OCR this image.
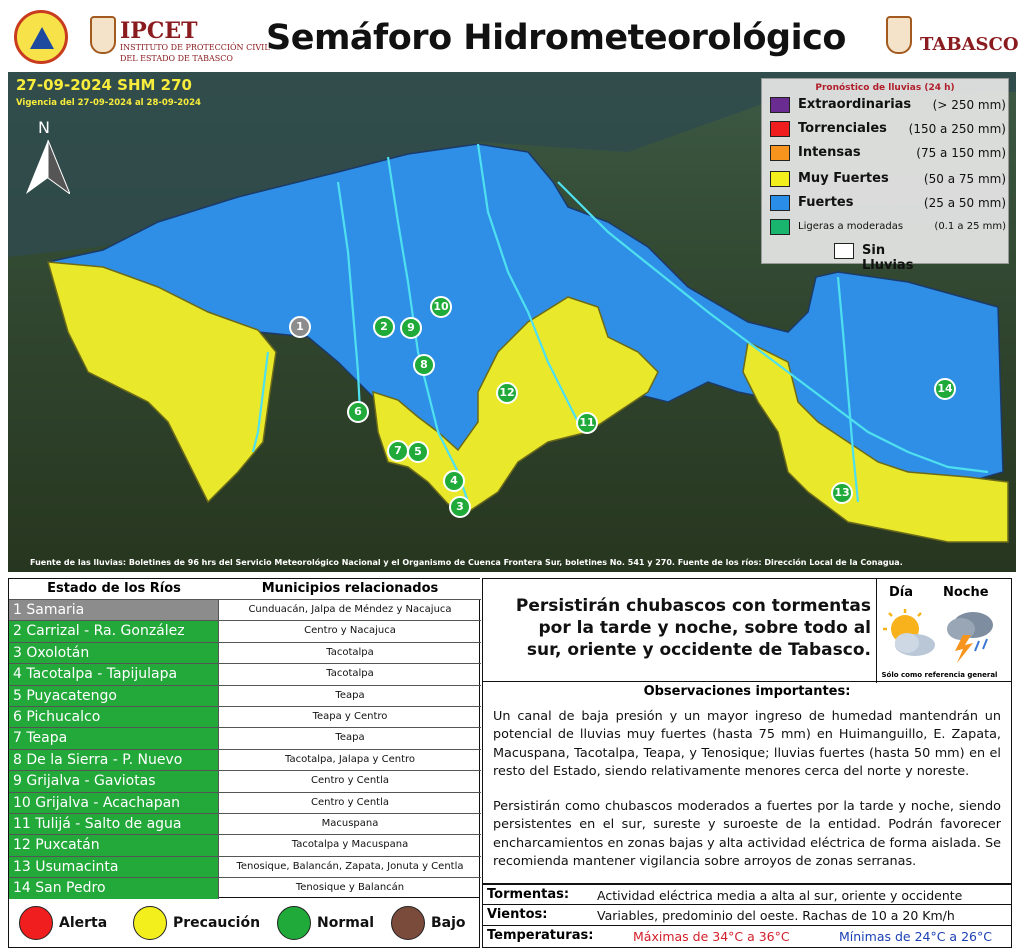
IPCET
INSTITUTO DE PROTECCIÓN CIVIL
DEL ESTADO DE TABASCO
Semáforo Hidrometeorológico	TABASCO
27-09-2024 SHM 270
Vigencia del 27-09-2024 al 28-09-2024
N
Pronóstico de lluvias (24 h)
Extraordinarias (> 250 mm)
Torrenciales (150 a 250 mm)
Intensas	(75 a 150 mm)
Muy Fuertes	(50 a 75 mm)
Fuertes	(25 a 50 mm)
Ligeras a moderadas	(0.1 a 25 mm)
Sin Lluvias
1	2
3
4
5
6
7
8
9
10
11
12
13
14
Fuente de las lluvias: Boletines de 96 hrs del Servicio Meteorológico Nacional y el Organismo de Cuenca Frontera Sur, boletines No. 541 y 270. Fuente de los ríos: Dirección Local de la Conagua.
Estado de los Ríos	Municipios relacionados
1 Samaria	Cunduacán, Jalpa de Méndez y Nacajuca
2 Carrizal - Ra. González	Centro y Nacajuca
3 Oxolotán	Tacotalpa
4 Tacotalpa - Tapijulapa	Tacotalpa
5 Puyacatengo	Teapa
6 Pichucalco	Teapa y Centro
7 Teapa	Teapa
8 De la Sierra - P. Nuevo	Tacotalpa, Jalapa y Centro
9 Grijalva - Gaviotas	Centro y Centla
10 Grijalva - Acachapan	Centro y Centla
11 Tulijá - Salto de agua	Macuspana
12 Puxcatán	Tacotalpa y Macuspana
13 Usumacinta	Tenosique, Balancán, Zapata, Jonuta y Centla
14 San Pedro	Tenosique y Balancán
Alerta	Precaución	Normal	Bajo
Persistirán chubascos con tormentas
por la tarde y noche, sobre todo al
sur, oriente y occidente de Tabasco.
Día Noche
Sólo como referencia general
Observaciones importantes:
Un canal de baja presión y un mayor ingreso de humedad mantendrán un potencial de lluvias muy fuertes (hasta 75 mm) en Huimanguillo, E. Zapata, Macuspana, Tacotalpa, Teapa, y Tenosique; lluvias fuertes (hasta 50 mm) en el resto del Estado, siendo relativamente menores cerca del norte y noreste.
Persistirán como chubascos moderados a fuertes por la tarde y noche, siendo persistentes en el sur, sureste y suroeste de la entidad. Podrán favorecer encharcamientos en zonas bajas y alta actividad eléctrica de forma aislada. Se recomienda mantener vigilancia sobre arroyos de zonas serranas.
Tormentas: Actividad eléctrica media a alta al sur, oriente y occidente
Vientos:	Variables, predominio del oeste. Rachas de 10 a 20 Km/h
Temperaturas:	Máximas de 34°C a 36°C	Mínimas de 24°C a 26°C
